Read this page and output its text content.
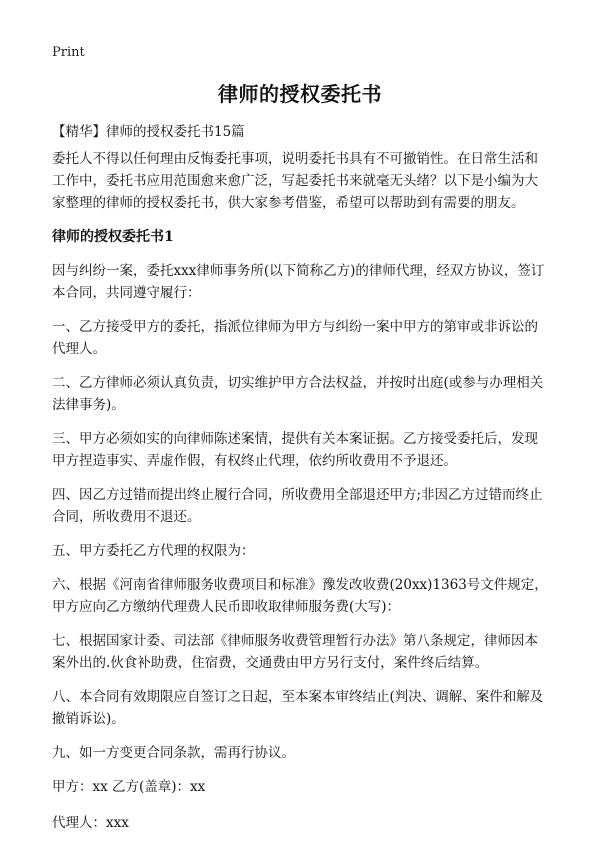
Print
律师的授权委托书
【精华】律师的授权委托书15篇

委托人不得以任何理由反悔委托事项，说明委托书具有不可撤销性。在日常生活和工作中，委托书应用范围愈来愈广泛，写起委托书来就毫无头绪？以下是小编为大家整理的律师的授权委托书，供大家参考借鉴，希望可以帮助到有需要的朋友。

律师的授权委托书1

因与纠纷一案，委托xxx律师事务所(以下简称乙方)的律师代理，经双方协议，签订本合同，共同遵守履行：

一、乙方接受甲方的委托，指派位律师为甲方与纠纷一案中甲方的第审或非诉讼的代理人。

二、乙方律师必须认真负责，切实维护甲方合法权益，并按时出庭(或参与办理相关法律事务)。

三、甲方必须如实的向律师陈述案情，提供有关本案证据。乙方接受委托后，发现甲方捏造事实、弄虚作假，有权终止代理，依约所收费用不予退还。

四、因乙方过错而提出终止履行合同，所收费用全部退还甲方;非因乙方过错而终止合同，所收费用不退还。

五、甲方委托乙方代理的权限为：

六、根据《河南省律师服务收费项目和标准》豫发改收费(20xx)1363号文件规定，甲方应向乙方缴纳代理费人民币即收取律师服务费(大写)：

七、根据国家计委、司法部《律师服务收费管理暂行办法》第八条规定，律师因本案外出的.伙食补助费，住宿费，交通费由甲方另行支付，案件终后结算。

八、本合同有效期限应自签订之日起，至本案本审终结止(判决、调解、案件和解及撤销诉讼)。

九、如一方变更合同条款，需再行协议。

甲方：xx 乙方(盖章)：xx

代理人：xxx
